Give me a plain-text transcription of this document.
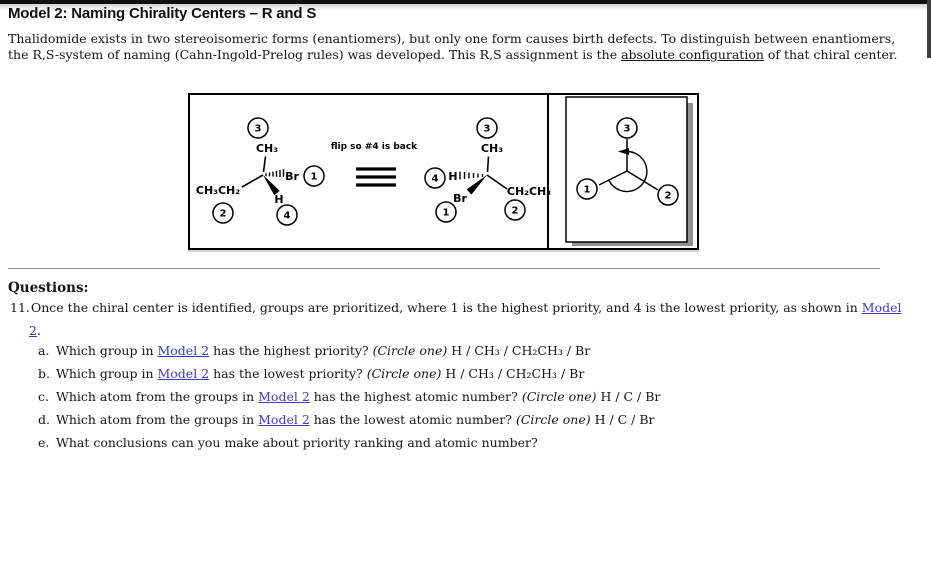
Model 2: Naming Chirality Centers – R and S
Thalidomide exists in two stereoisomeric forms (enantiomers), but only one form causes birth defects. To distinguish between enantiomers,
the R,S-system of naming (Cahn-Ingold-Prelog rules) was developed. This R,S assignment is the absolute configuration of that chiral center.
CH₃
CH₃CH₂
Br
H
3
1
2	4
flip so #4 is back	CH₃
H
Br
CH₂CH₃
3
4
1	2
3
1
2
Questions:
11.Once the chiral center is identified, groups are prioritized, where 1 is the highest priority, and 4 is the lowest priority, as shown in Model
2.
a. Which group in Model 2 has the highest priority? (Circle one) H / CH₃ / CH₂CH₃ / Br
b. Which group in Model 2 has the lowest priority? (Circle one) H / CH₃ / CH₂CH₃ / Br
c. Which atom from the groups in Model 2 has the highest atomic number? (Circle one) H / C / Br
d. Which atom from the groups in Model 2 has the lowest atomic number? (Circle one) H / C / Br
e. What conclusions can you make about priority ranking and atomic number?
